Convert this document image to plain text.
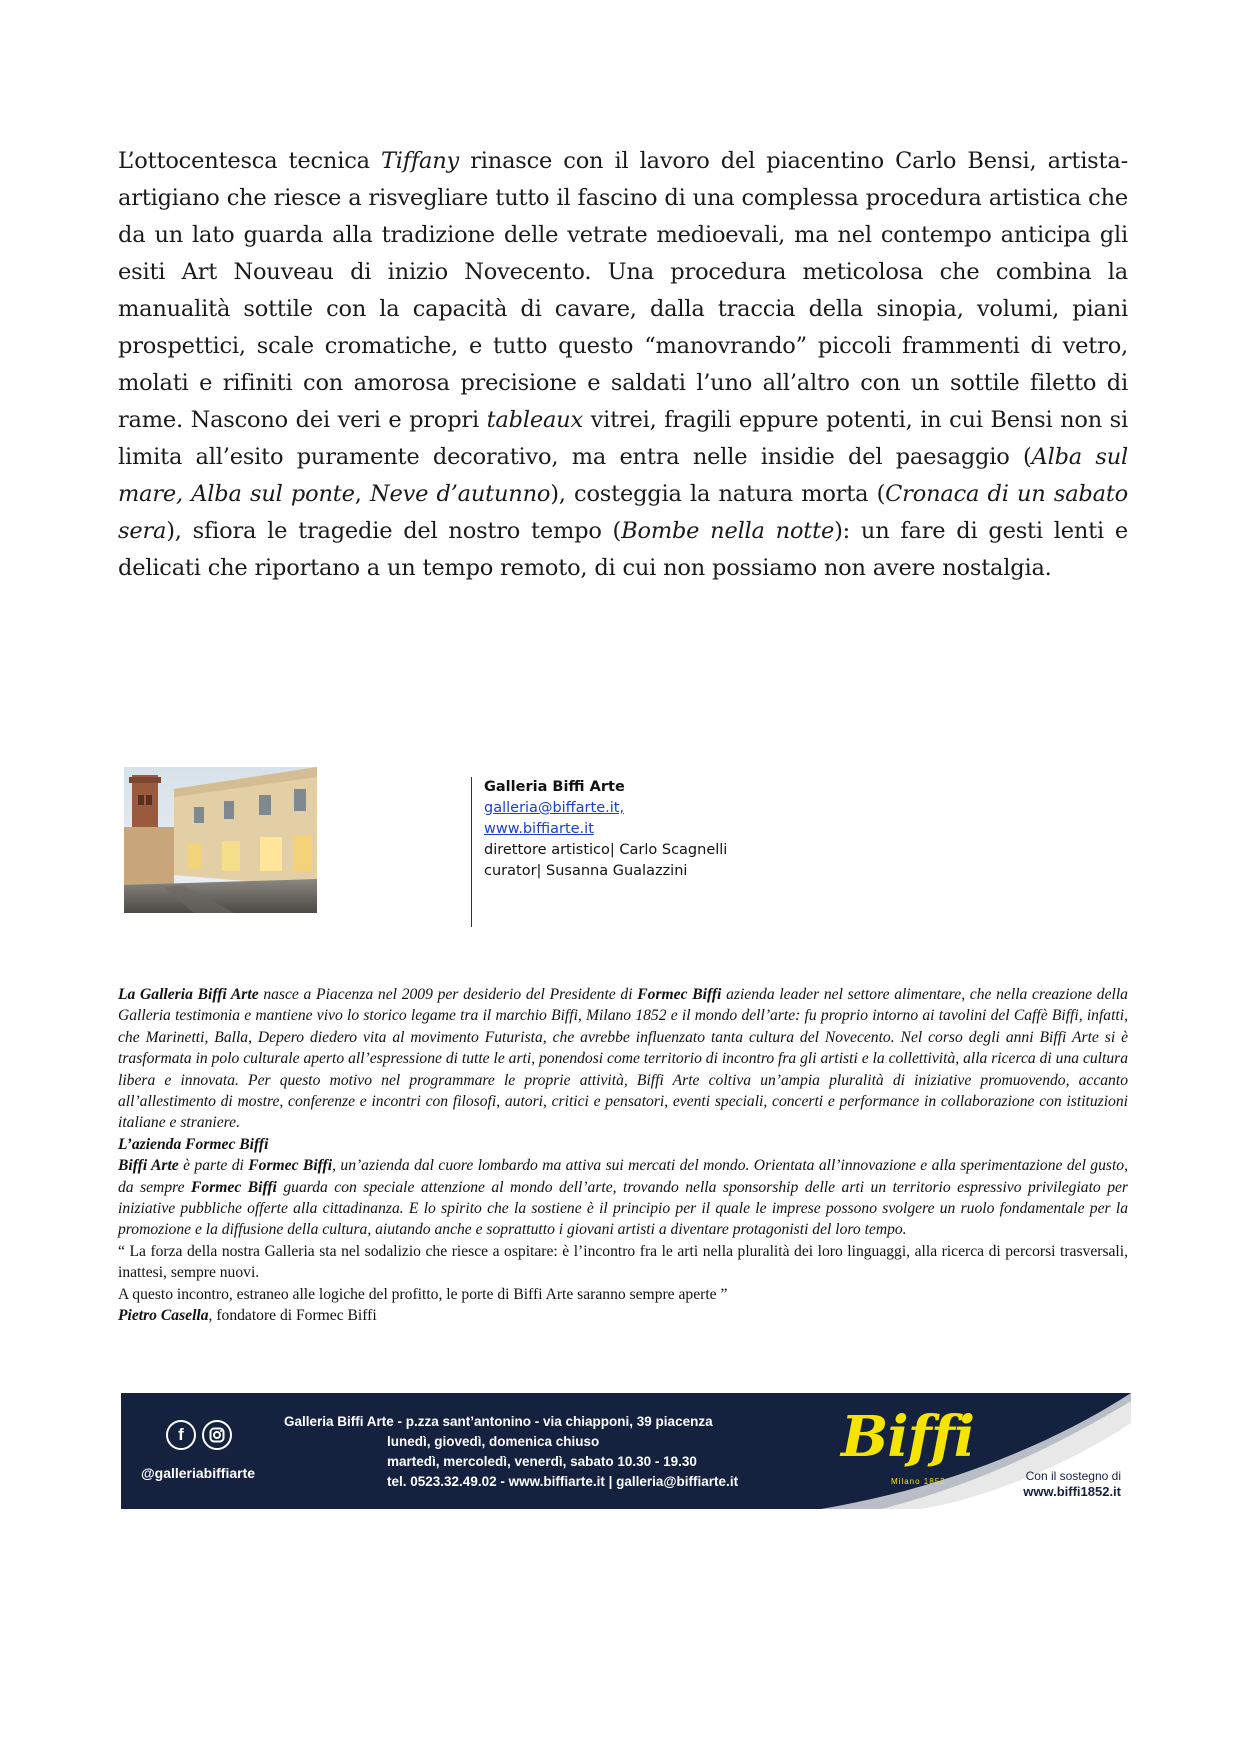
L’ottocentesca tecnica Tiffany rinasce con il lavoro del piacentino Carlo Bensi, artista-artigiano che riesce a risvegliare tutto il fascino di una complessa procedura artistica che da un lato guarda alla tradizione delle vetrate medioevali, ma nel contempo anticipa gli esiti Art Nouveau di inizio Novecento. Una procedura meticolosa che combina la manualità sottile con la capacità di cavare, dalla traccia della sinopia, volumi, piani prospettici, scale cromatiche, e tutto questo “manovrando” piccoli frammenti di vetro, molati e rifiniti con amorosa precisione e saldati l’uno all’altro con un sottile filetto di rame. Nascono dei veri e propri tableaux vitrei, fragili eppure potenti, in cui Bensi non si limita all’esito puramente decorativo, ma entra nelle insidie del paesaggio (Alba sul mare, Alba sul ponte, Neve d’autunno), costeggia la natura morta (Cronaca di un sabato sera), sfiora le tragedie del nostro tempo (Bombe nella notte): un fare di gesti lenti e delicati che riportano a un tempo remoto, di cui non possiamo non avere nostalgia.
Galleria Biffi Arte
galleria@biffarte.it,
www.biffiarte.it
direttore artistico| Carlo Scagnelli
curator| Susanna Gualazzini

La Galleria Biffi Arte nasce a Piacenza nel 2009 per desiderio del Presidente di Formec Biffi azienda leader nel settore alimentare, che nella creazione della Galleria testimonia e mantiene vivo lo storico legame tra il marchio Biffi, Milano 1852 e il mondo dell’arte: fu proprio intorno ai tavolini del Caffè Biffi, infatti, che Marinetti, Balla, Depero diedero vita al movimento Futurista, che avrebbe influenzato tanta cultura del Novecento. Nel corso degli anni Biffi Arte si è trasformata in polo culturale aperto all’espressione di tutte le arti, ponendosi come territorio di incontro fra gli artisti e la collettività, alla ricerca di una cultura libera e innovata. Per questo motivo nel programmare le proprie attività, Biffi Arte coltiva un’ampia pluralità di iniziative promuovendo, accanto all’allestimento di mostre, conferenze e incontri con filosofi, autori, critici e pensatori, eventi speciali, concerti e performance in collaborazione con istituzioni italiane e straniere.

L’azienda Formec Biffi

Biffi Arte è parte di Formec Biffi, un’azienda dal cuore lombardo ma attiva sui mercati del mondo. Orientata all’innovazione e alla sperimentazione del gusto, da sempre Formec Biffi guarda con speciale attenzione al mondo dell’arte, trovando nella sponsorship delle arti un territorio espressivo privilegiato per iniziative pubbliche offerte alla cittadinanza. E lo spirito che la sostiene è il principio per il quale le imprese possono svolgere un ruolo fondamentale per la promozione e la diffusione della cultura, aiutando anche e soprattutto i giovani artisti a diventare protagonisti del loro tempo.

“ La forza della nostra Galleria sta nel sodalizio che riesce a ospitare: è l’incontro fra le arti nella pluralità dei loro linguaggi, alla ricerca di percorsi trasversali, inattesi, sempre nuovi.

A questo incontro, estraneo alle logiche del profitto, le porte di Biffi Arte saranno sempre aperte ”

Pietro Casella, fondatore di Formec Biffi

f
@galleriabiffiarte
Galleria Biffi Arte - p.zza sant’antonino - via chiapponi, 39 piacenza
lunedì, giovedì, domenica chiuso
martedì, mercoledì, venerdì, sabato 10.30 - 19.30
tel. 0523.32.49.02 - www.biffiarte.it | galleria@biffiarte.it
Biffi
Milano 1852	Con il sostegno di
www.biffi1852.it
